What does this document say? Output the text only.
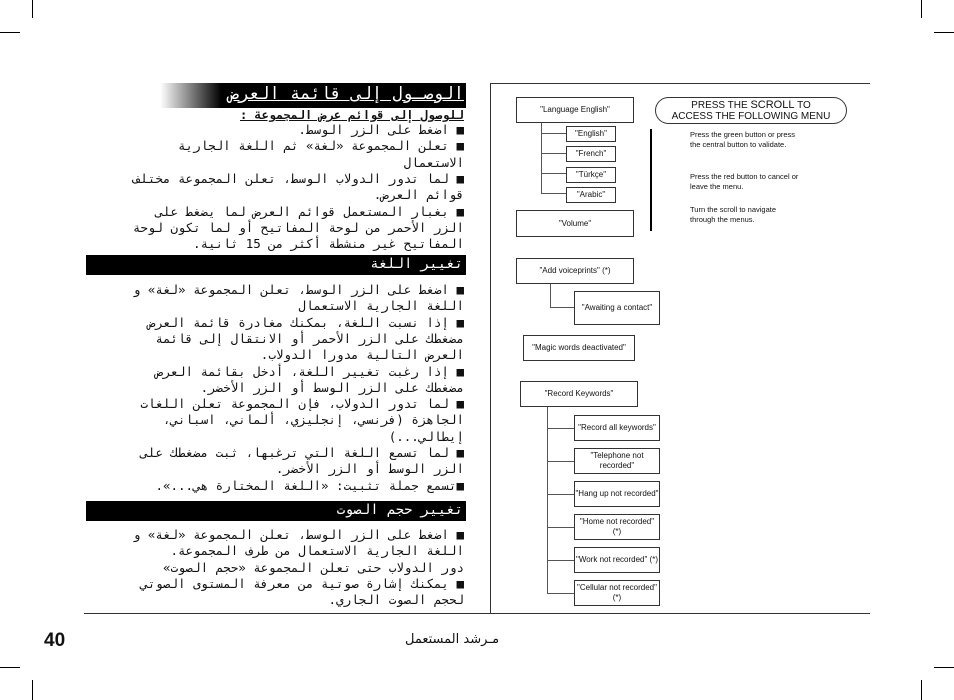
الوصـول إلى قائمة العرض
للوصول إلى قوائم عرض المجموعة :
■ اضغط على الزر الوسط.
■ تعلن المجموعة «لغة» ثم اللغة الجارية
الاستعمال
■ لما تدور الدولاب الوسط، تعلن المجموعة مختلف
قوائم العرض.
■ بغبار المستعمل قوائم العرض لما يضغط على
الزر الأحمر من لوحة المفاتيح أو لما تكون لوحة
المفاتيح غير منشطة أكثر من 15 ثانية.
تغيير اللغة
■ اضغط على الزر الوسط، تعلن المجموعة «لغة» و
اللغة الجارية الاستعمال
■ إذا نسبت اللغة، بمكنك مغادرة قائمة العرض
مضغطك على الزر الأحمر أو الانتقال إلى قائمة
العرض التالية مدورا الدولاب.
■ إذا رغبت تغيير اللغة، أدخل بقائمة العرض
مضغطك على الزر الوسط أو الزر الأخضر.
■ لما تدور الدولاب، فإن المجموعة تعلن اللغات
الجاهزة (فرنسي، إنجليزي، ألماني، اسباني،
إيطالي...)
■ لما تسمع اللغة التي ترغبها، ثبت مضغطك على
الزر الوسط أو الزر الأخضر.
■تسمع جملة تثبيت: «اللغة المختارة هي...».
تغيير حجم الصوت
■ اضغط على الزر الوسط، تعلن المجموعة «لغة» و
اللغة الجارية الاستعمال من طرف المجموعة.
دور الدولاب حتى تعلن المجموعة «حجم الصوت»
■ يمكنك إشارة صوتية من معرفة المستوى الصوتي
لحجم الصوت الجاري.
"Language English"
"English"
"French"
"Türkçe"
"Arabic"
"Volume"
"Add voiceprints" (*)
"Awaiting a contact"
"Magic words deactivated"
"Record Keywords"
"Record all keywords"
"Telephone not recorded"
"Hang up not recorded"
"Home not recorded" (*)
"Work not recorded" (*)
"Cellular not recorded" (*)
PRESS THE SCROLL TO
ACCESS THE FOLLOWING MENU
Press the green button or press the central button to validate.
Press the red button to cancel or leave the menu.
Turn the scroll to navigate through the menus.
40	مـرشد المستعمل
